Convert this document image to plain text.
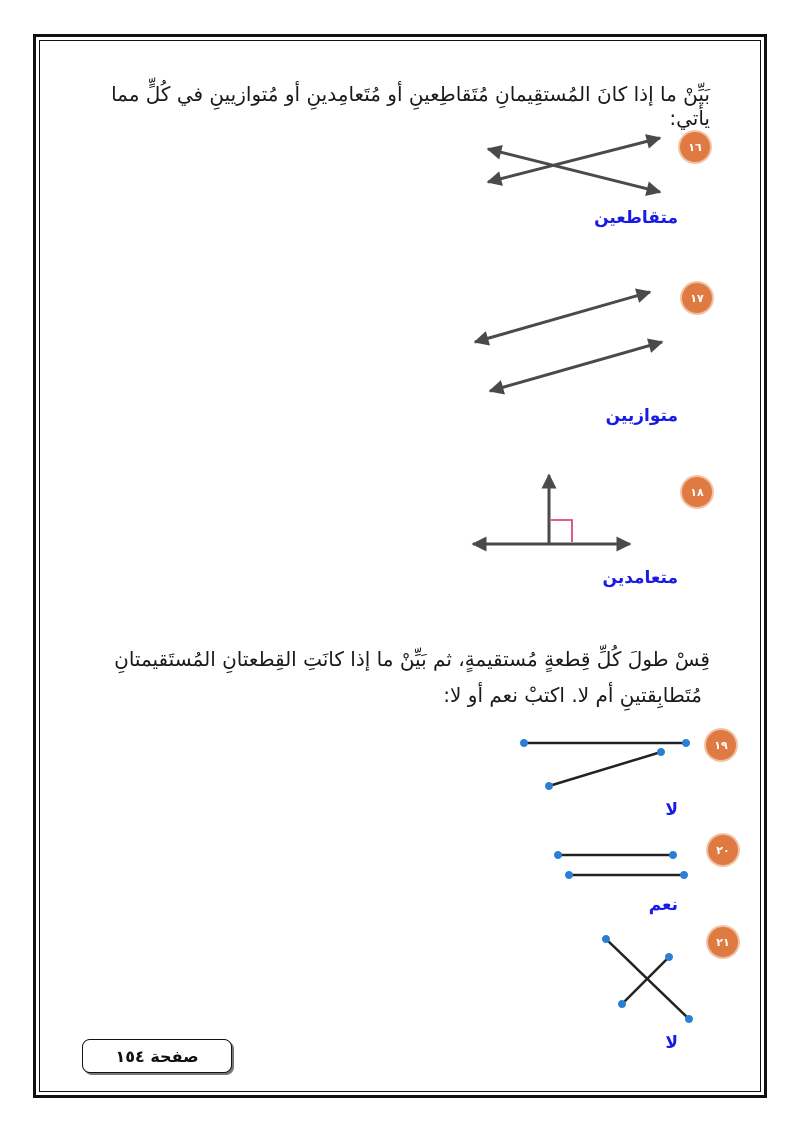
بَيِّنْ ما إذا كانَ المُستقِيمانِ مُتَقاطِعينِ أو مُتَعامِدينِ أو مُتوازيينِ في كُلٍّ مما يأتي:
١٦
١٧
١٨
١٩
٢٠
٢١
متقاطعين
متوازيين
متعامدين
قِسْ طولَ كُلِّ قِطعةٍ مُستقيمةٍ، ثم بَيِّنْ ما إذا كانَتِ القِطعتانِ المُستَقيمتانِ
مُتَطابِقتينِ أم لا. اكتبْ نعم أو لا:
لا
نعم
لا
صفحة ١٥٤
